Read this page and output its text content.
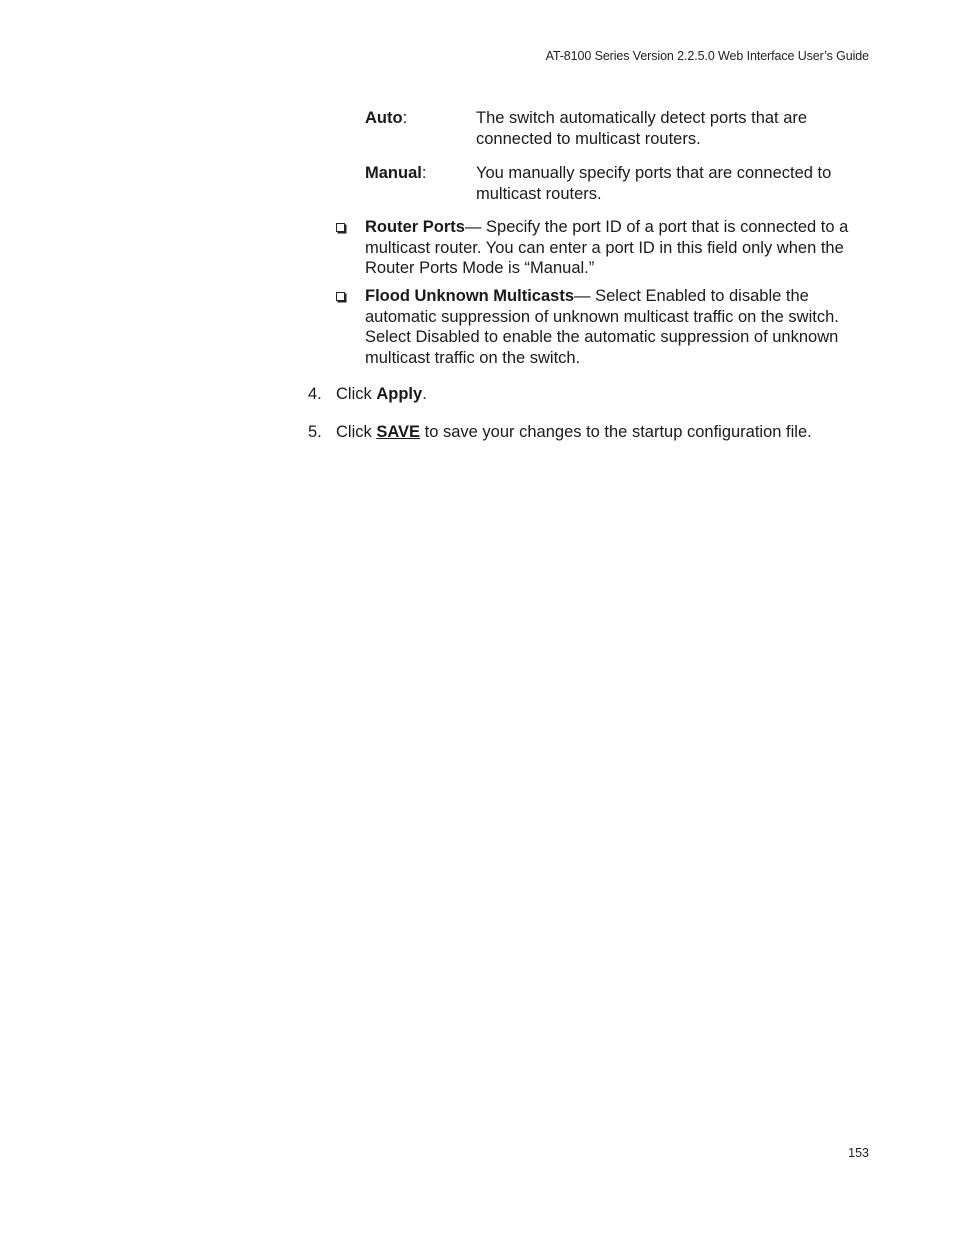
AT-8100 Series Version 2.2.5.0 Web Interface User’s Guide
Auto:	The switch automatically detect ports that are
connected to multicast routers.
Manual:	You manually specify ports that are connected to
multicast routers.
Router Ports— Specify the port ID of a port that is connected to a
multicast router. You can enter a port ID in this field only when the
Router Ports Mode is “Manual.”
Flood Unknown Multicasts— Select Enabled to disable the
automatic suppression of unknown multicast traffic on the switch.
Select Disabled to enable the automatic suppression of unknown
multicast traffic on the switch.
4. Click Apply.
5. Click SAVE to save your changes to the startup configuration file.
153
